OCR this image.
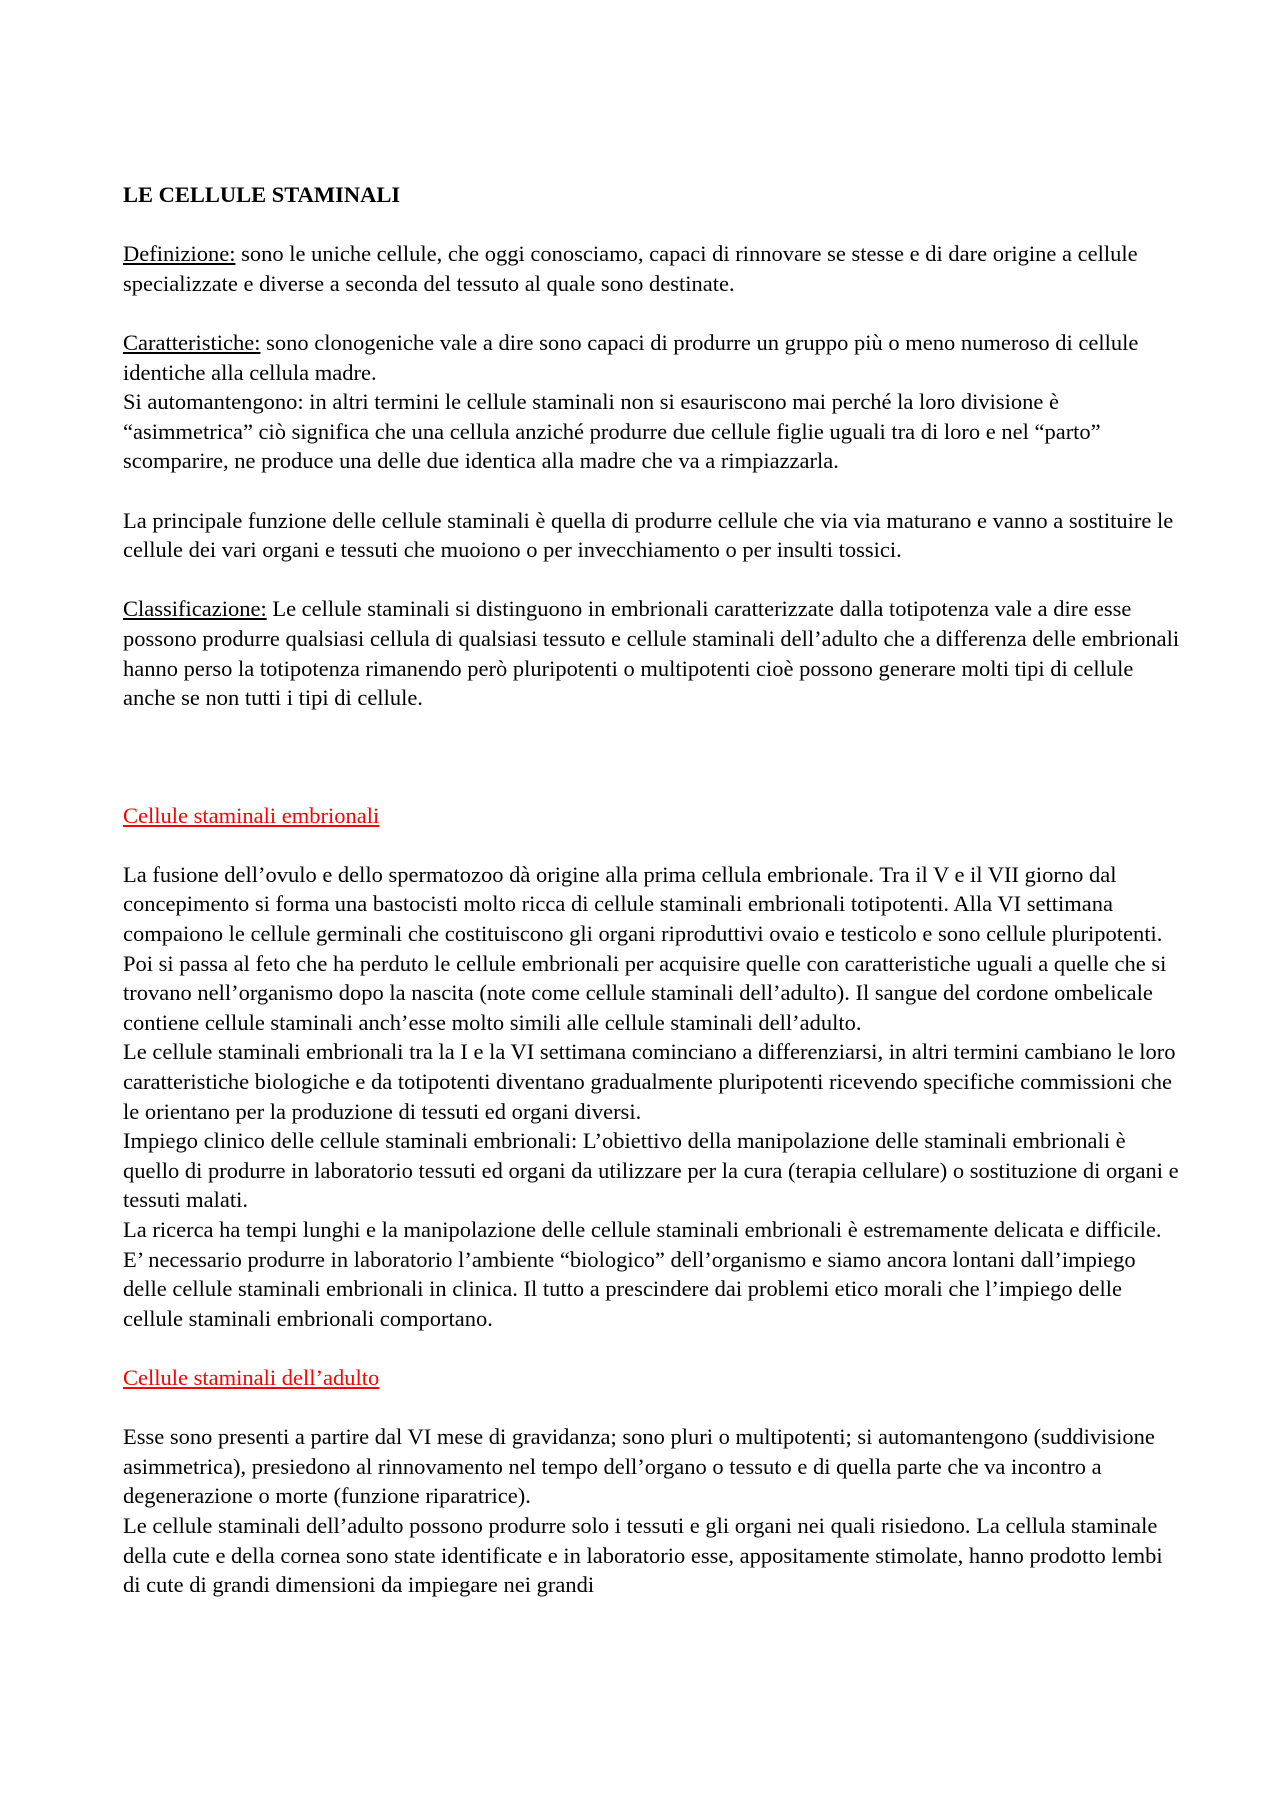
LE CELLULE STAMINALI

Definizione: sono le uniche cellule, che oggi conosciamo, capaci di rinnovare se stesse e di dare origine a cellule specializzate e diverse a seconda del tessuto al quale sono destinate.

Caratteristiche: sono clonogeniche vale a dire sono capaci di produrre un gruppo più o meno numeroso di cellule identiche alla cellula madre.

Si automantengono: in altri termini le cellule staminali non si esauriscono mai perché la loro divisione è “asimmetrica” ciò significa che una cellula anziché produrre due cellule figlie uguali tra di loro e nel “parto” scomparire, ne produce una delle due identica alla madre che va a rimpiazzarla.

La principale funzione delle cellule staminali è quella di produrre cellule che via via maturano e vanno a sostituire le cellule dei vari organi e tessuti che muoiono o per invecchiamento o per insulti tossici.

Classificazione: Le cellule staminali si distinguono in embrionali caratterizzate dalla totipotenza vale a dire esse possono produrre qualsiasi cellula di qualsiasi tessuto e cellule staminali dell’adulto che a differenza delle embrionali hanno perso la totipotenza rimanendo però pluripotenti o multipotenti cioè possono generare molti tipi di cellule anche se non tutti i tipi di cellule.

Cellule staminali embrionali

La fusione dell’ovulo e dello spermatozoo dà origine alla prima cellula embrionale. Tra il V e il VII giorno dal concepimento si forma una bastocisti molto ricca di cellule staminali embrionali totipotenti. Alla VI settimana compaiono le cellule germinali che costituiscono gli organi riproduttivi ovaio e testicolo e sono cellule pluripotenti. Poi si passa al feto che ha perduto le cellule embrionali per acquisire quelle con caratteristiche uguali a quelle che si trovano nell’organismo dopo la nascita (note come cellule staminali dell’adulto). Il sangue del cordone ombelicale contiene cellule staminali anch’esse molto simili alle cellule staminali dell’adulto.

Le cellule staminali embrionali tra la I e la VI settimana cominciano a differenziarsi, in altri termini cambiano le loro caratteristiche biologiche e da totipotenti diventano gradualmente pluripotenti ricevendo specifiche commissioni che le orientano per la produzione di tessuti ed organi diversi.

Impiego clinico delle cellule staminali embrionali: L’obiettivo della manipolazione delle staminali embrionali è quello di produrre in laboratorio tessuti ed organi da utilizzare per la cura (terapia cellulare) o sostituzione di organi e tessuti malati.

La ricerca ha tempi lunghi e la manipolazione delle cellule staminali embrionali è estremamente delicata e difficile. E’ necessario produrre in laboratorio l’ambiente “biologico” dell’organismo e siamo ancora lontani dall’impiego delle cellule staminali embrionali in clinica. Il tutto a prescindere dai problemi etico morali che l’impiego delle cellule staminali embrionali comportano.

Cellule staminali dell’adulto

Esse sono presenti a partire dal VI mese di gravidanza; sono pluri o multipotenti; si automantengono (suddivisione asimmetrica), presiedono al rinnovamento nel tempo dell’organo o tessuto e di quella parte che va incontro a degenerazione o morte (funzione riparatrice).

Le cellule staminali dell’adulto possono produrre solo i tessuti e gli organi nei quali risiedono. La cellula staminale della cute e della cornea sono state identificate e in laboratorio esse, appositamente stimolate, hanno prodotto lembi di cute di grandi dimensioni da impiegare nei grandi
